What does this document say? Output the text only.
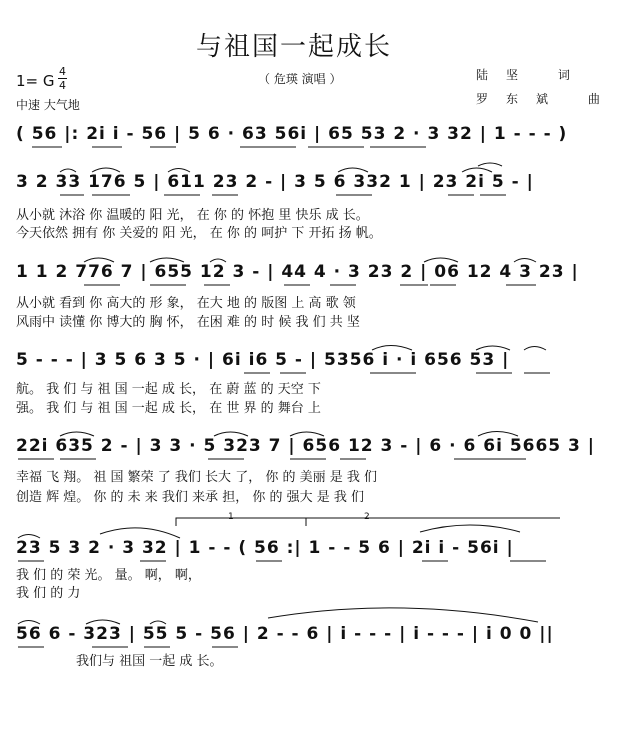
与祖国一起成长
1= G
4
4
中速 大气地
（ 危瑛 演唱 ）	陆坚 词
罗东斌 曲
( 56 |: 2i i - 56 | 5 6 · 63 56i | 65 53 2 · 3 32 | 1 - - - )
3 2 33 176 5 | 611 23 2 - | 3 5 6 332 1 | 23 2i 5 - |
从小就 沐浴 你 温暖的 阳 光， 在 你 的 怀抱 里 快乐 成 长。
今天依然 拥有 你 关爱的 阳 光， 在 你 的 呵护 下 开拓 扬 帆。
1 1 2 776 7 | 655 12 3 - | 44 4 · 3 23 2 | 06 12 4 3 23 |
从小就 看到 你 高大的 形 象， 在大 地 的 版图 上 高 歌 领
风雨中 读懂 你 博大的 胸 怀， 在困 难 的 时 候 我 们 共 坚
5 - - - | 3 5 6 3 5 · | 6i i6 5 - | 5356 i · i 656 53 |
航。 我 们 与 祖 国 一起 成 长， 在 蔚 蓝 的 天空 下
强。 我 们 与 祖 国 一起 成 长， 在 世 界 的 舞台 上
22i 635 2 - | 3 3 · 5 323 7 | 656 12 3 - | 6 · 6 6i 5665 3 |
幸福 飞 翔。 祖 国 繁荣 了 我们 长大 了， 你 的 美丽 是 我 们
创造 辉 煌。 你 的 未 来 我们 来承 担， 你 的 强大 是 我 们
1	2
23 5 3 2 · 3 32 | 1 - - ( 56 :| 1 - - 5 6 | 2i i - 56i |
我 们 的 荣 光。 量。 啊， 啊，
我 们 的 力
56 6 - 323 | 55 5 - 56 | 2 - - 6 | i - - - | i - - - | i 0 0 ||
我们与 祖国 一起 成 长。
